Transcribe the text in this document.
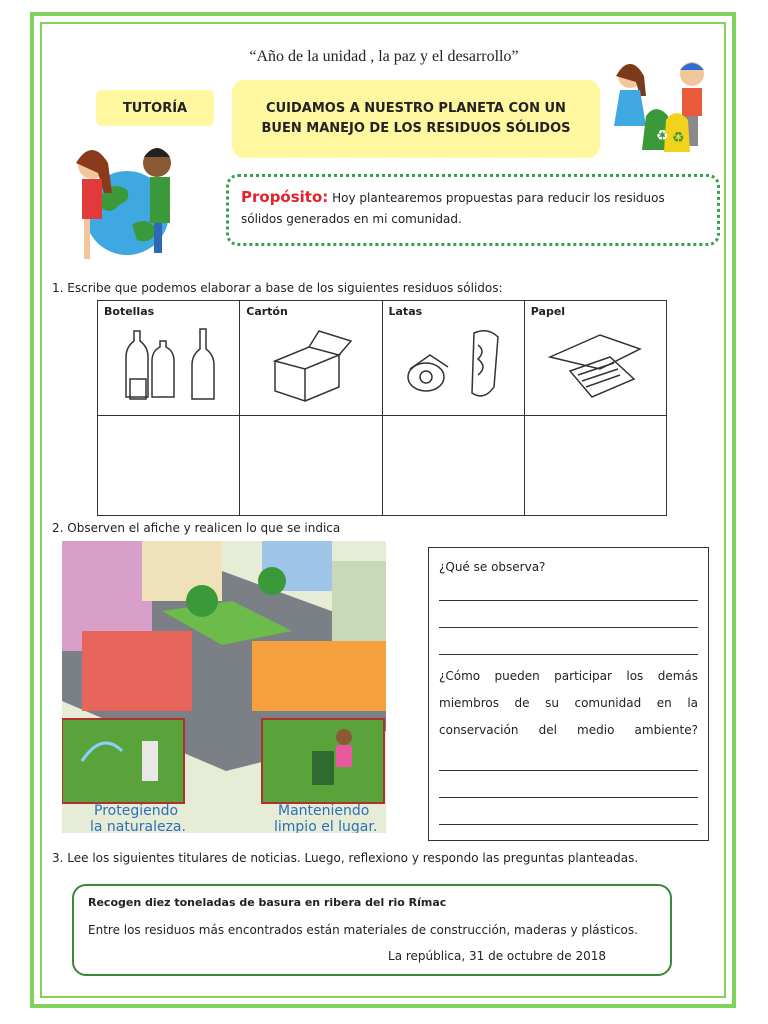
“Año de la unidad , la paz y el desarrollo”
TUTORÍA	CUIDAMOS A NUESTRO PLANETA CON UN
BUEN MANEJO DE LOS RESIDUOS SÓLIDOS	♻ ♻
Propósito: Hoy plantearemos propuestas para reducir los residuos sólidos generados en mi comunidad.
1. Escribe que podemos elaborar a base de los siguientes residuos sólidos:
Botellas	Cartón	Latas	Papel

2. Observen el afiche y realicen lo que se indica
Protegiendo
la naturaleza.
Manteniendo
limpio el lugar.
¿Qué se observa?

¿Cómo pueden participar los demás miembros de su comunidad en la conservación del medio ambiente?

3. Lee los siguientes titulares de noticias. Luego, reflexiono y respondo las preguntas planteadas.
Recogen diez toneladas de basura en ribera del rio Rímac
Entre los residuos más encontrados están materiales de construcción, maderas y plásticos.
La república, 31 de octubre de 2018
